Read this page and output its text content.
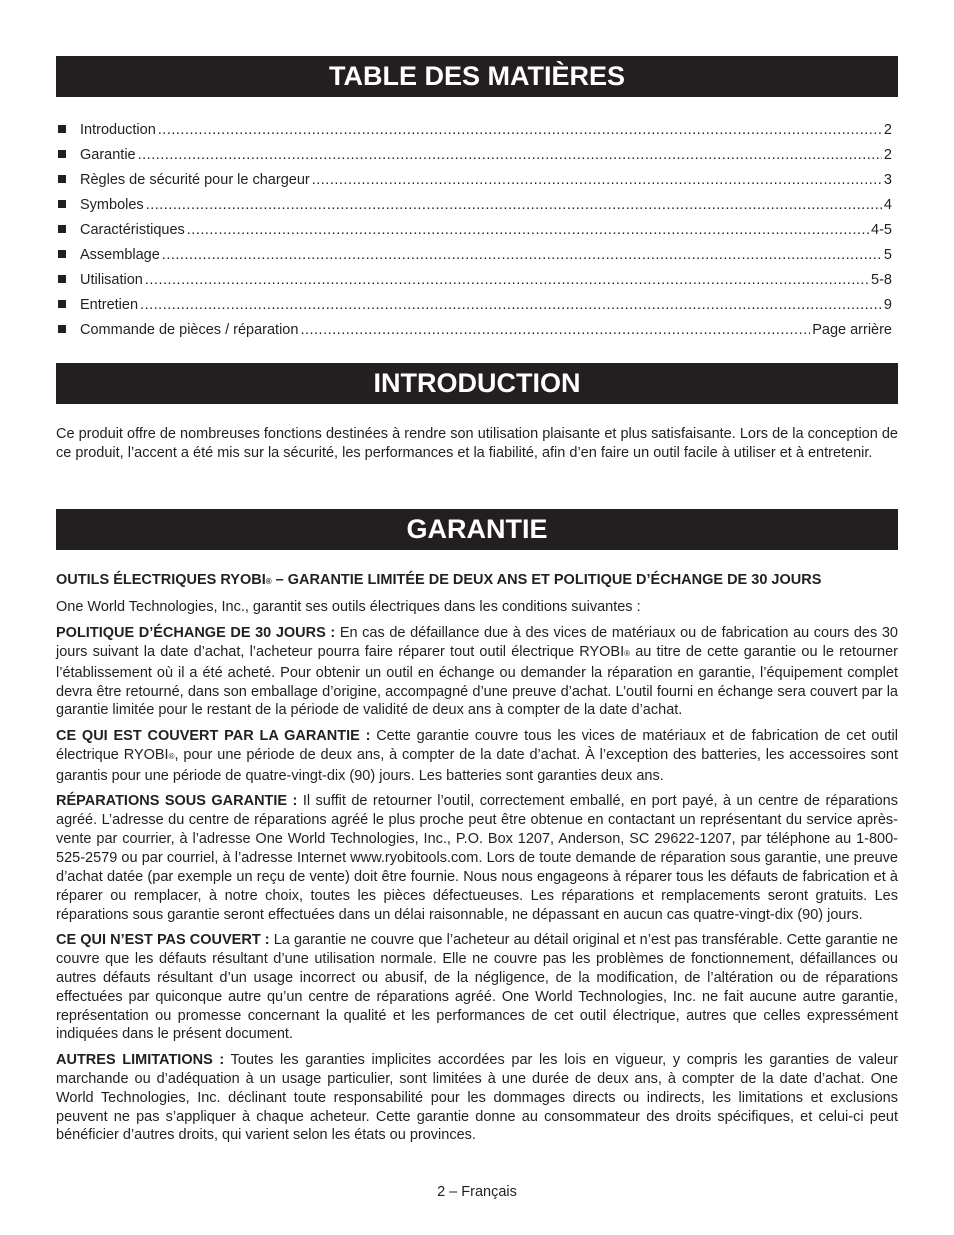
TABLE DES MATIÈRES
Introduction .....	2
Garantie .....	2
Règles de sécurité pour le chargeur .....	3
Symboles .....	4
Caractéristiques .....	4-5
Assemblage .....	5
Utilisation .....	5-8
Entretien .....	9
Commande de pièces / réparation .....	Page arrière
INTRODUCTION

Ce produit offre de nombreuses fonctions destinées à rendre son utilisation plaisante et plus satisfaisante. Lors de la conception de ce produit, l’accent a été mis sur la sécurité, les performances et la fiabilité, afin d’en faire un outil facile à utiliser et à entretenir.

GARANTIE

OUTILS ÉLECTRIQUES RYOBI® – GARANTIE LIMITÉE DE DEUX ANS ET POLITIQUE D’ÉCHANGE DE 30 JOURS

One World Technologies, Inc., garantit ses outils électriques dans les conditions suivantes :

POLITIQUE D’ÉCHANGE DE 30 JOURS : En cas de défaillance due à des vices de matériaux ou de fabrication au cours des 30 jours suivant la date d’achat, l’acheteur pourra faire réparer tout outil électrique RYOBI® au titre de cette garantie ou le retourner l’établissement où il a été acheté. Pour obtenir un outil en échange ou demander la réparation en garantie, l’équipement complet devra être retourné, dans son emballage d’origine, accompagné d’une preuve d’achat. L’outil fourni en échange sera couvert par la garantie limitée pour le restant de la période de validité de deux ans à compter de la date d’achat.

CE QUI EST COUVERT PAR LA GARANTIE : Cette garantie couvre tous les vices de matériaux et de fabrication de cet outil électrique RYOBI®, pour une période de deux ans, à compter de la date d’achat. À l’exception des batteries, les accessoires sont garantis pour une période de quatre-vingt-dix (90) jours. Les batteries sont garanties deux ans.

RÉPARATIONS SOUS GARANTIE : Il suffit de retourner l’outil, correctement emballé, en port payé, à un centre de réparations agréé. L’adresse du centre de réparations agréé le plus proche peut être obtenue en contactant un représentant du service après-vente par courrier, à l’adresse One World Technologies, Inc., P.O. Box 1207, Anderson, SC 29622-1207, par téléphone au 1-800-525-2579 ou par courriel, à l’adresse Internet www.ryobitools.com. Lors de toute demande de réparation sous garantie, une preuve d’achat datée (par exemple un reçu de vente) doit être fournie. Nous nous engageons à réparer tous les défauts de fabrication et à réparer ou remplacer, à notre choix, toutes les pièces défectueuses. Les réparations et remplacements seront gratuits. Les réparations sous garantie seront effectuées dans un délai raisonnable, ne dépassant en aucun cas quatre-vingt-dix (90) jours.

CE QUI N’EST PAS COUVERT : La garantie ne couvre que l’acheteur au détail original et n’est pas transférable. Cette garantie ne couvre que les défauts résultant d’une utilisation normale. Elle ne couvre pas les problèmes de fonctionnement, défaillances ou autres défauts résultant d’un usage incorrect ou abusif, de la négligence, de la modification, de l’altération ou de réparations effectuées par quiconque autre qu’un centre de réparations agréé. One World Technologies, Inc. ne fait aucune autre garantie, représentation ou promesse concernant la qualité et les performances de cet outil électrique, autres que celles expressément indiquées dans le présent document.

AUTRES LIMITATIONS : Toutes les garanties implicites accordées par les lois en vigueur, y compris les garanties de valeur marchande ou d’adéquation à un usage particulier, sont limitées à une durée de deux ans, à compter de la date d’achat. One World Technologies, Inc. déclinant toute responsabilité pour les dommages directs ou indirects, les limitations et exclusions peuvent ne pas s’appliquer à chaque acheteur. Cette garantie donne au consommateur des droits spécifiques, et celui-ci peut bénéficier d’autres droits, qui varient selon les états ou provinces.

2 – Français
